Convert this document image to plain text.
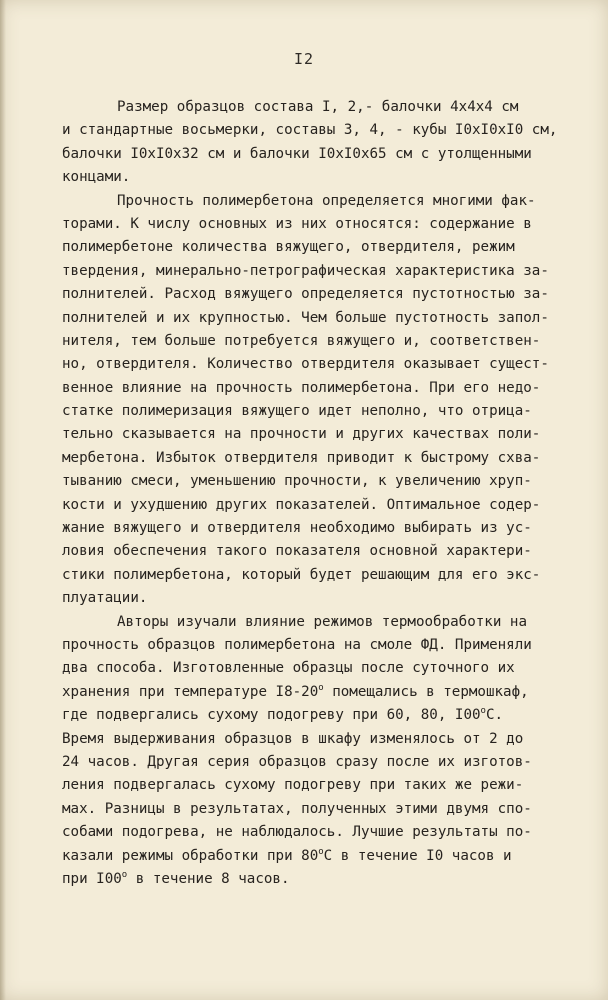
I2
Размер образцов состава I, 2,- балочки 4х4х4 см
и стандартные восьмерки, составы 3, 4, - кубы I0хI0хI0 см,
балочки I0хI0х32 см и балочки I0хI0х65 см с утолщенными
концами.
Прочность полимербетона определяется многими фак-
торами. К числу основных из них относятся: содержание в
полимербетоне количества вяжущего, отвердителя, режим
твердения, минерально-петрографическая характеристика за-
полнителей. Расход вяжущего определяется пустотностью за-
полнителей и их крупностью. Чем больше пустотность запол-
нителя, тем больше потребуется вяжущего и, соответствен-
но, отвердителя. Количество отвердителя оказывает сущест-
венное влияние на прочность полимербетона. При его недо-
статке полимеризация вяжущего идет неполно, что отрица-
тельно сказывается на прочности и других качествах поли-
мербетона. Избыток отвердителя приводит к быстрому схва-
тыванию смеси, уменьшению прочности, к увеличению хруп-
кости и ухудшению других показателей. Оптимальное содер-
жание вяжущего и отвердителя необходимо выбирать из ус-
ловия обеспечения такого показателя основной характери-
стики полимербетона, который будет решающим для его экс-
плуатации.
Авторы изучали влияние режимов термообработки на
прочность образцов полимербетона на смоле ФД. Применяли
два способа. Изготовленные образцы после суточного их
хранения при температуре I8-20$^o$ помещались в термошкаф,
где подвергались сухому подогреву при 60, 80, I00$^o$С.
Время выдерживания образцов в шкафу изменялось от 2 до
24 часов. Другая серия образцов сразу после их изготов-
ления подвергалась сухому подогреву при таких же режи-
мах. Разницы в результатах, полученных этими двумя спо-
собами подогрева, не наблюдалось. Лучшие результаты по-
казали режимы обработки при 80$^o$С в течение I0 часов и
при I00$^o$ в течение 8 часов.
